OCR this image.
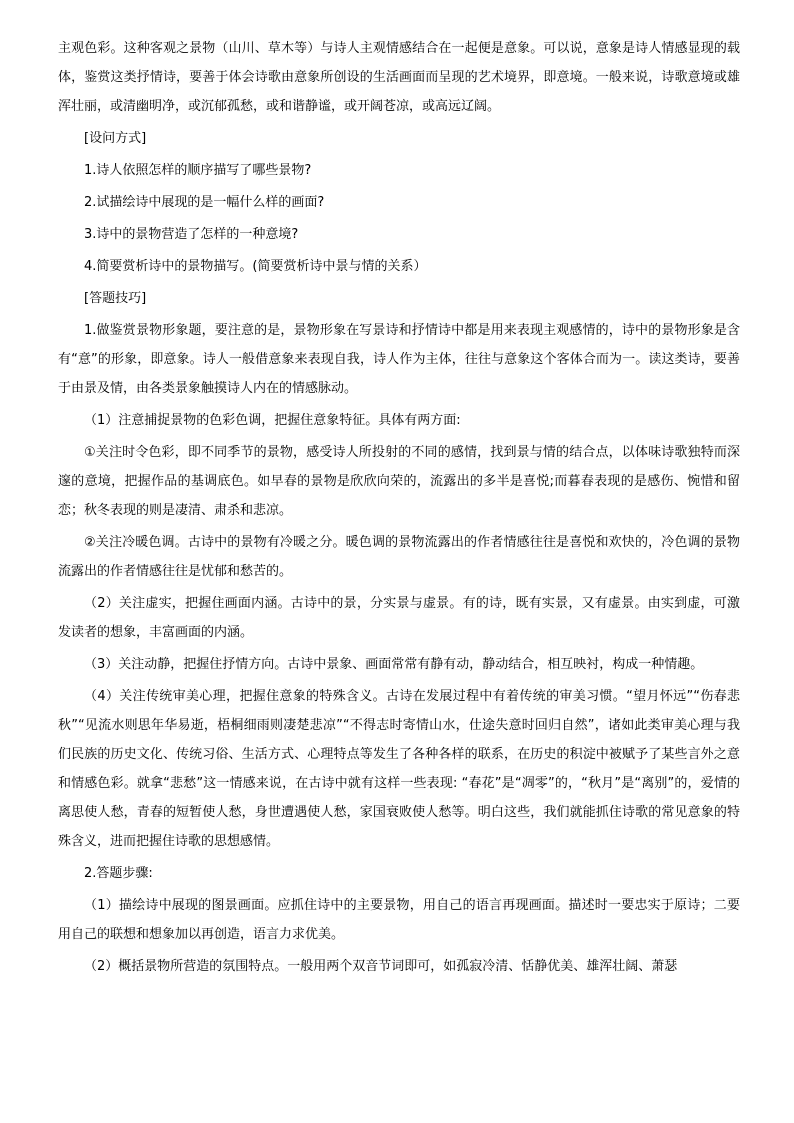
主观色彩。这种客观之景物（山川、草木等）与诗人主观情感结合在一起便是意象。可以说，意象是诗人情感显现的载体，鉴赏这类抒情诗，要善于体会诗歌由意象所创设的生活画面而呈现的艺术境界，即意境。一般来说，诗歌意境或雄浑壮丽，或清幽明净，或沉郁孤愁，或和谐静谧，或开阔苍凉，或高远辽阔。

[设问方式]

1.诗人依照怎样的顺序描写了哪些景物?

2.试描绘诗中展现的是一幅什么样的画面?

3.诗中的景物营造了怎样的一种意境?

4.简要赏析诗中的景物描写。(简要赏析诗中景与情的关系）

[答题技巧]

1.做鉴赏景物形象题，要注意的是，景物形象在写景诗和抒情诗中都是用来表现主观感情的，诗中的景物形象是含有“意”的形象，即意象。诗人一般借意象来表现自我，诗人作为主体，往往与意象这个客体合而为一。读这类诗，要善于由景及情，由各类景象触摸诗人内在的情感脉动。

（1）注意捕捉景物的色彩色调，把握住意象特征。具体有两方面:

①关注时令色彩，即不同季节的景物，感受诗人所投射的不同的感情，找到景与情的结合点，以体味诗歌独特而深邃的意境，把握作品的基调底色。如早春的景物是欣欣向荣的，流露出的多半是喜悦;而暮春表现的是感伤、惋惜和留恋；秋冬表现的则是凄清、肃杀和悲凉。

②关注冷暖色调。古诗中的景物有冷暖之分。暖色调的景物流露出的作者情感往往是喜悦和欢快的，冷色调的景物流露出的作者情感往往是忧郁和愁苦的。

（2）关注虚实，把握住画面内涵。古诗中的景，分实景与虚景。有的诗，既有实景，又有虚景。由实到虚，可激发读者的想象，丰富画面的内涵。

（3）关注动静，把握住抒情方向。古诗中景象、画面常常有静有动，静动结合，相互映衬，构成一种情趣。

（4）关注传统审美心理，把握住意象的特殊含义。古诗在发展过程中有着传统的审美习惯。“望月怀远”“伤春悲秋”“见流水则思年华易逝，梧桐细雨则凄楚悲凉”“不得志时寄情山水，仕途失意时回归自然”，诸如此类审美心理与我们民族的历史文化、传统习俗、生活方式、心理特点等发生了各种各样的联系，在历史的积淀中被赋予了某些言外之意和情感色彩。就拿“悲愁”这一情感来说，在古诗中就有这样一些表现: “春花”是“凋零”的，“秋月”是“离别”的，爱情的离思使人愁，青春的短暂使人愁，身世遭遇使人愁，家国衰败使人愁等。明白这些，我们就能抓住诗歌的常见意象的特殊含义，进而把握住诗歌的思想感情。

2.答题步骤:

（1）描绘诗中展现的图景画面。应抓住诗中的主要景物，用自己的语言再现画面。描述时一要忠实于原诗；二要用自己的联想和想象加以再创造，语言力求优美。

（2）概括景物所营造的氛围特点。一般用两个双音节词即可，如孤寂冷清、恬静优美、雄浑壮阔、萧瑟
